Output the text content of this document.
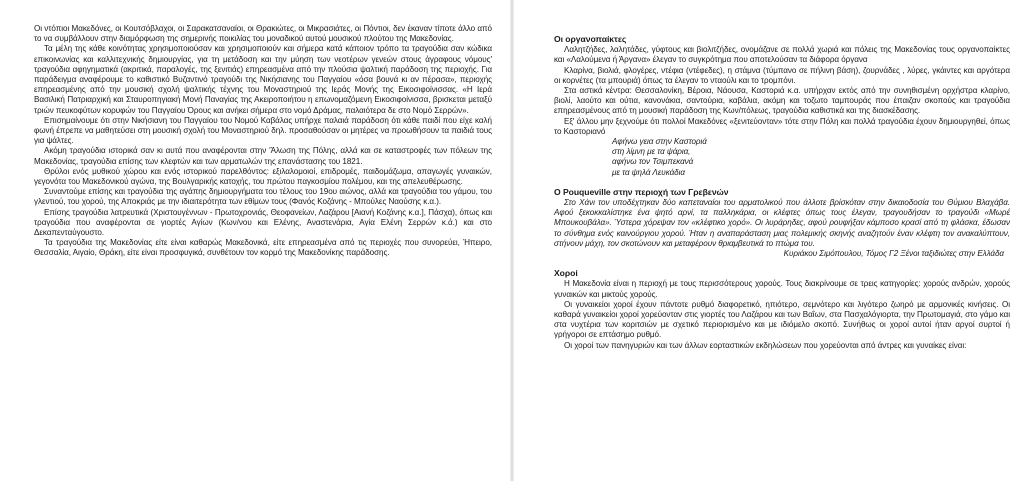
Οι ντόπιοι Μακεδόνες, οι Κουτσόβλαχοι, οι Σαρακατσαναίοι, οι Θρακιώτες, οι Μικρασιάτες, οι Πόντιοι, δεν έκαναν τίποτε άλλο από το να συμβάλλουν στην διαμόρφωση της σημερινής ποικιλίας του μοναδικού αυτού μουσικού πλούτου της Μακεδονίας.

Τα μέλη της κάθε κοινότητας χρησιμοποιούσαν και χρησιμοποιούν και σήμερα κατά κάποιον τρόπο τα τραγούδια σαν κώδικα επικοινωνίας και καλλιτεχνικής δημιουργίας, για τη μετάδοση και την μύηση των νεοτέρων γενεών στους άγραφους νόμους' τραγούδια αφηγηματικά (ακριτικά, παραλογές, της ξενιτιάς) επηρεασμένα από την πλούσια ψαλτική παράδοση της περιοχής. Για παράδειγμα αναφέρουμε το καθιστικό Βυζαντινό τραγούδι της Νικήσιανης του Παγγαίου «όσα βουνά κι αν πέρασα», περιοχής επηρεασμένης από την μουσική σχολή ψαλτικής τέχνης του Μοναστηριού της Ιεράς Μονής της Εικοσιφοίνισσας. «Η Ιερά Βασιλική Πατριαρχική και Σταυροπηγιακή Μονή Παναγίας της Ακειροποιήτου η επωνομαζόμενη Εικοσιφοίνισσα, βρισκεται μεταξύ τριών πευκοφύτων κορυφών του Παγγαίου Όρους και ανήκει σήμερα στο νομό Δράμας, παλαιότερα δε στο Νομό Σερρών».

Επισημαίνουμε ότι στην Νικήσιανη του Παγγαίου του Νομού Καβάλας υπήρχε παλαιά παράδοση ότι κάθε παιδί που είχε καλή φωνή έπρεπε να μαθητεύσει στη μουσική σχολή του Μοναστηριού δηλ. προσαθούσαν οι μητέρες να προωθήσουν τα παιδιά τους για ψάλτες.

Ακόμη τραγούδια ιστορικά σαν κι αυτά που αναφέρονται στην 'Άλωση της Πόλης, αλλά και σε καταστροφές των πόλεων της Μακεδονίας, τραγούδια επίσης των κλεφτών και των αρματωλών της επανάστασης του 1821.

Θρύλοι ενός μυθικού χώρου και ενός ιστορικού παρελθόντος: εξιλαλομοιοί, επιδρομές, παιδομάζωμα, απαγωγές γυναικών, γεγονότα του Μακεδονικού αγώνα, της Βουλγαρικής κατοχής, του πρώτου παγκοσμίου πολέμου, και της απελευθέρωσης.

Συναντούμε επίσης και τραγούδια της αγάπης δημιουργήματα του τέλους του 19ου αιώνος, αλλά και τραγούδια του γάμου, του γλεντιού, του χορού, της Αποκριάς με την ιδιαιτερότητα των εθίμων τους (Φανός Κοζάνης - Μπούλες Ναούσης κ.α.).

Επίσης τραγούδια λατρευτικά (Χριστουγέννων - Πρωτοχρονιάς, Θεοφανείων, Λαζάρου [Αιανή Κοζάνης κ.α.], Πάσχα), όπως και τραγούδια που αναφέρονται σε γιορτές Αγίων (Κων/νου και Ελένης, Αναστενάρια, Αγία Ελένη Σερρών κ.ά.) και στο Δεκαπενταύγουστο.

Τα τραγούδια της Μακεδονίας είτε είναι καθαρώς Μακεδονικά, είτε επηρεασμένα από τις περιοχές που συνορεύει, Ήπειρο, Θεσσαλία, Αιγαίο, Θράκη, είτε είναι προσφυγικά, συνθέτουν τον κορμό της Μακεδονίκης παράδοσης.

Οι οργανοπαίκτες

Λαλητζήδες, λαλητάδες, γύφτους και βιολιτζήδες, ονομάζανε σε πολλά χωριά και πόλεις της Μακεδονίας τους οργανοπαίκτες και «Λαλούμενα ή Άργανα» έλεγαν το συγκρότημα που αποτελούσαν τα διάφορα όργανα

Κλαρίνα, βιολιά, φλογέρες, ντέφια (ντέφεδες), η στάμνα (τύμπανο σε πήλινη βάση), ζουρνάδες , λύρες, γκάιντες και αργότερα οι κορνέτες (τα μπουριά) όπως τα έλεγαν το νταούλι και το τρομπόνι.

Στα αστικά κέντρα: Θεσσαλονίκη, Βέροια, Νάουσα, Καστοριά κ.α. υπήρχαν εκτός από την συνηθισμένη ορχήστρα κλαρίνο, βιολί, λαούτο και ούτια, κανονάκια, σαντούρια, καβάλια, ακόμη και τοζωτο ταμπουράς που έπαιζαν σκοπούς και τραγούδια επηρεασμένους από τη μουσική παράδοση της Κων/πόλεως, τραγούδια καθιστικά και της διασκέδασης.

Εξ' άλλου μην ξεχνούμε ότι πολλοί Μακεδόνες «ξενιτεύονταν» τότε στην Πόλη και πολλά τραγούδια έχουν δημιουργηθεί, όπως το Καστοριανό

Αφήνω γεια στην Καστοριά

στη λίμνη με τα ψάρια,

αφήνω τον Τσιμπεκανά

με τα ψηλά Λευκάδια

Ο Pouqueville στην περιοχή των Γρεβενών

Στο Χάνι τον υποδέχτηκαν δύο καπεταναίοι του αρματολικού που άλλοτε βρίσκόταν στην δικαιοδοσία του Θύμιου Βλαχάβα. Αφού ξεκοκκαλίστηκε ένα ψητό αρνί, τα παλληκάρια, οι κλέφτες όπως τους έλεγαν, τραγουδήσαν το τραγούδι «Μωρέ Μπουκουβάλα». Ύστερα χόρεψαν τον «κλέφτικο χορό». Οι λυράρηδες, αφού ρουφήξαν κάμποσο κρασί από τη φλάσκα, έδωσαν το σύνθημα ενός καινούργιου χορού. Ήταν η αναπαράσταση μιας πολεμικής σκηνής αναζητούν έναν κλέφτη τον ανακαλύπτουν, στήνουν μάχη, τον σκοτώνουν και μεταφέρουν θριαμβευτικά το πτώμα του.

Κυριάκου Σιμόπουλου, Τόμος Γ2 Ξένοι ταξιδιώτες στην Ελλάδα

Χοροί

Η Μακεδονία είναι η περιοχή με τους περισσότερους χορούς. Τους διακρίνουμε σε τρεις κατηγορίες: χορούς ανδρών, χορούς γυναικών και μικτούς χορούς.

Οι γυναικείοι χοροί έχουν πάντοτε ρυθμό διαφορετικό, ηπιότερο, σεμνότερο και λιγότερο ζωηρό με αρμονικές κινήσεις. Οι καθαρά γυναικείοι χοροί χορεύονταν στις γιορτές του Λαζάρου και των Βαΐων, στα Πασχαλόγιορτα, την Πρωτομαγιά, στο γάμο και στα νυχτέρια των κοριτσιών με σχετικό περιορισμένο και με ιδιόμελο σκοπό. Συνήθως οι χοροί αυτοί ήταν αργοί συρτοί ή γρήγοροι σε επτάσημο ρυθμό.

Οι χοροί των πανηγυριών και των άλλων εορταστικών εκδηλώσεων που χορεύονται από άντρες και γυναίκες είναι:
